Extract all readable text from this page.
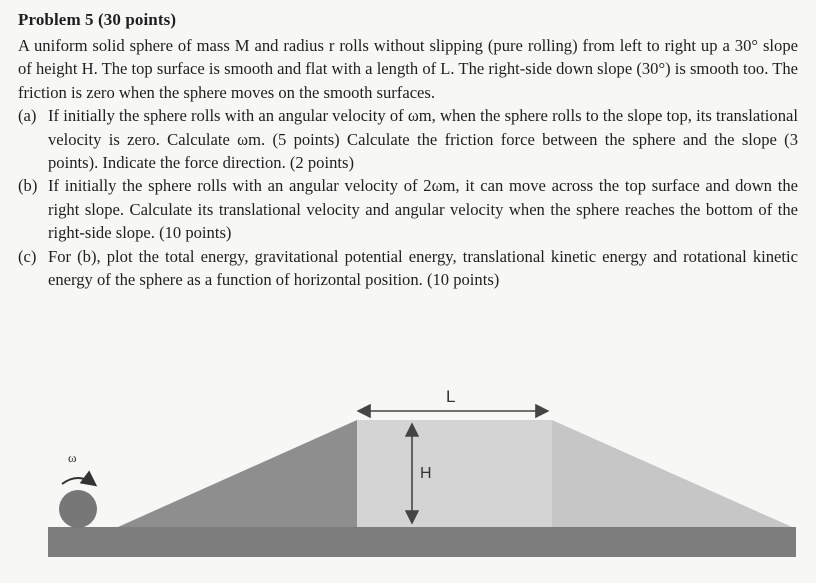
Problem 5 (30 points)

A uniform solid sphere of mass M and radius r rolls without slipping (pure rolling) from left to right up a 30° slope of height H. The top surface is smooth and flat with a length of L. The right-side down slope (30°) is smooth too. The friction is zero when the sphere moves on the smooth surfaces.

(a) If initially the sphere rolls with an angular velocity of ωm, when the sphere rolls to the slope top, its translational velocity is zero. Calculate ωm. (5 points) Calculate the friction force between the sphere and the slope (3 points). Indicate the force direction. (2 points)
(b) If initially the sphere rolls with an angular velocity of 2ωm, it can move across the top surface and down the right slope. Calculate its translational velocity and angular velocity when the sphere reaches the bottom of the right-side slope. (10 points)
(c) For (b), plot the total energy, gravitational potential energy, translational kinetic energy and rotational kinetic energy of the sphere as a function of horizontal position. (10 points)
L
H
ω
